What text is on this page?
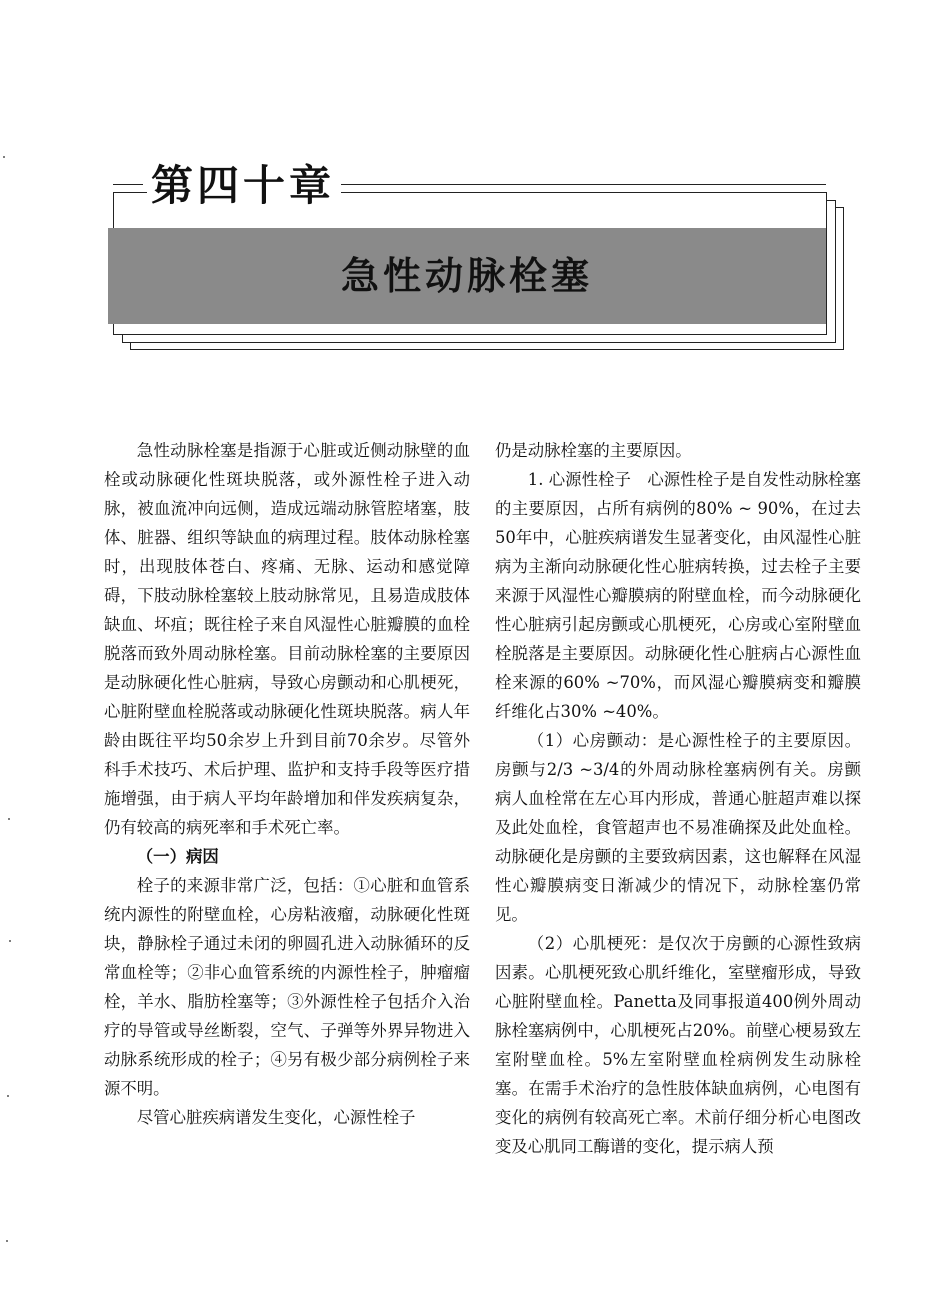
急性动脉栓塞
第四十章

急性动脉栓塞是指源于心脏或近侧动脉壁的血栓或动脉硬化性斑块脱落，或外源性栓子进入动脉，被血流冲向远侧，造成远端动脉管腔堵塞，肢体、脏器、组织等缺血的病理过程。肢体动脉栓塞时，出现肢体苍白、疼痛、无脉、运动和感觉障碍，下肢动脉栓塞较上肢动脉常见，且易造成肢体缺血、坏疽；既往栓子来自风湿性心脏瓣膜的血栓脱落而致外周动脉栓塞。目前动脉栓塞的主要原因是动脉硬化性心脏病，导致心房颤动和心肌梗死，心脏附壁血栓脱落或动脉硬化性斑块脱落。病人年龄由既往平均50余岁上升到目前70余岁。尽管外科手术技巧、术后护理、监护和支持手段等医疗措施增强，由于病人平均年龄增加和伴发疾病复杂，仍有较高的病死率和手术死亡率。

（一）病因

栓子的来源非常广泛，包括：①心脏和血管系统内源性的附壁血栓，心房粘液瘤，动脉硬化性斑块，静脉栓子通过未闭的卵圆孔进入动脉循环的反常血栓等；②非心血管系统的内源性栓子，肿瘤瘤栓，羊水、脂肪栓塞等；③外源性栓子包括介入治疗的导管或导丝断裂，空气、子弹等外界异物进入动脉系统形成的栓子；④另有极少部分病例栓子来源不明。

尽管心脏疾病谱发生变化，心源性栓子

仍是动脉栓塞的主要原因。

1. 心源性栓子　心源性栓子是自发性动脉栓塞的主要原因，占所有病例的80% ~ 90%，在过去50年中，心脏疾病谱发生显著变化，由风湿性心脏病为主渐向动脉硬化性心脏病转换，过去栓子主要来源于风湿性心瓣膜病的附壁血栓，而今动脉硬化性心脏病引起房颤或心肌梗死，心房或心室附壁血栓脱落是主要原因。动脉硬化性心脏病占心源性血栓来源的60% ~70%，而风湿心瓣膜病变和瓣膜纤维化占30% ~40%。

（1）心房颤动：是心源性栓子的主要原因。房颤与2/3 ~3/4的外周动脉栓塞病例有关。房颤病人血栓常在左心耳内形成，普通心脏超声难以探及此处血栓，食管超声也不易准确探及此处血栓。动脉硬化是房颤的主要致病因素，这也解释在风湿性心瓣膜病变日渐减少的情况下，动脉栓塞仍常见。

（2）心肌梗死：是仅次于房颤的心源性致病因素。心肌梗死致心肌纤维化，室壁瘤形成，导致心脏附壁血栓。Panetta及同事报道400例外周动脉栓塞病例中，心肌梗死占20%。前壁心梗易致左室附壁血栓。5%左室附壁血栓病例发生动脉栓塞。在需手术治疗的急性肢体缺血病例，心电图有变化的病例有较高死亡率。术前仔细分析心电图改变及心肌同工酶谱的变化，提示病人预
